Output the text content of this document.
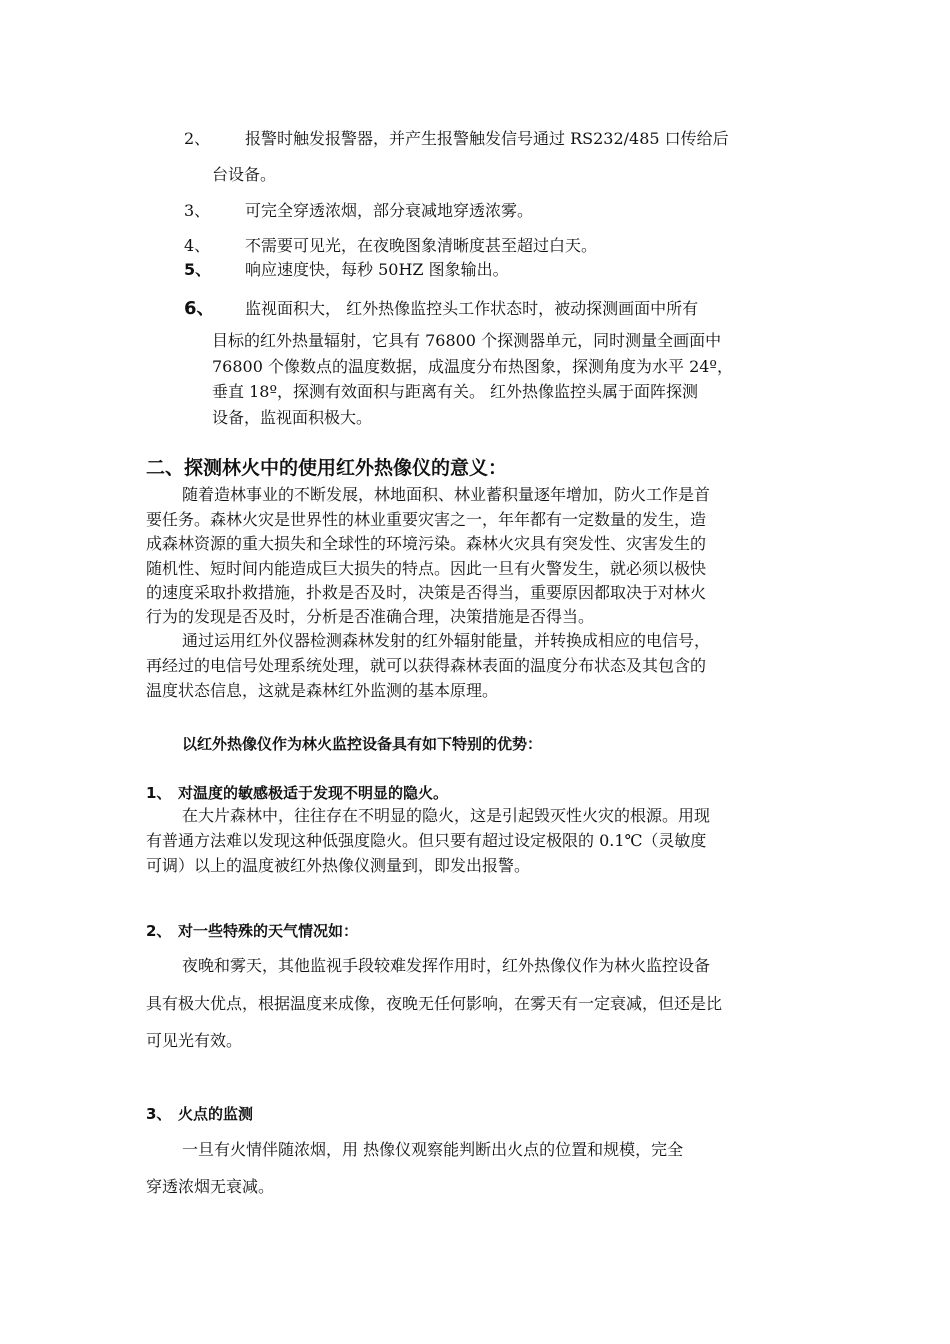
2、 报警时触发报警器，并产生报警触发信号通过 RS232/485 口传给后
台设备。
3、 可完全穿透浓烟，部分衰减地穿透浓雾。
4、 不需要可见光，在夜晚图象清晰度甚至超过白天。
5、 响应速度快，每秒 50HZ 图象输出。
6、 监视面积大， 红外热像监控头工作状态时，被动探测画面中所有
目标的红外热量辐射，它具有 76800 个探测器单元，同时测量全画面中
76800 个像数点的温度数据，成温度分布热图象，探测角度为水平 24º，
垂直 18º，探测有效面积与距离有关。 红外热像监控头属于面阵探测
设备，监视面积极大。
二、探测林火中的使用红外热像仪的意义：
随着造林事业的不断发展，林地面积、林业蓄积量逐年增加，防火工作是首
要任务。森林火灾是世界性的林业重要灾害之一，年年都有一定数量的发生，造
成森林资源的重大损失和全球性的环境污染。森林火灾具有突发性、灾害发生的
随机性、短时间内能造成巨大损失的特点。因此一旦有火警发生，就必须以极快
的速度采取扑救措施，扑救是否及时，决策是否得当，重要原因都取决于对林火
行为的发现是否及时，分析是否准确合理，决策措施是否得当。
通过运用红外仪器检测森林发射的红外辐射能量，并转换成相应的电信号，
再经过的电信号处理系统处理，就可以获得森林表面的温度分布状态及其包含的
温度状态信息，这就是森林红外监测的基本原理。
以红外热像仪作为林火监控设备具有如下特别的优势：
1、 对温度的敏感极适于发现不明显的隐火。
在大片森林中，往往存在不明显的隐火，这是引起毁灭性火灾的根源。用现
有普通方法难以发现这种低强度隐火。但只要有超过设定极限的 0.1℃（灵敏度
可调）以上的温度被红外热像仪测量到，即发出报警。
2、 对一些特殊的天气情况如：
夜晚和雾天，其他监视手段较难发挥作用时，红外热像仪作为林火监控设备
具有极大优点，根据温度来成像，夜晚无任何影响，在雾天有一定衰减，但还是比
可见光有效。
3、 火点的监测
一旦有火情伴随浓烟，用 热像仪观察能判断出火点的位置和规模，完全
穿透浓烟无衰减。
